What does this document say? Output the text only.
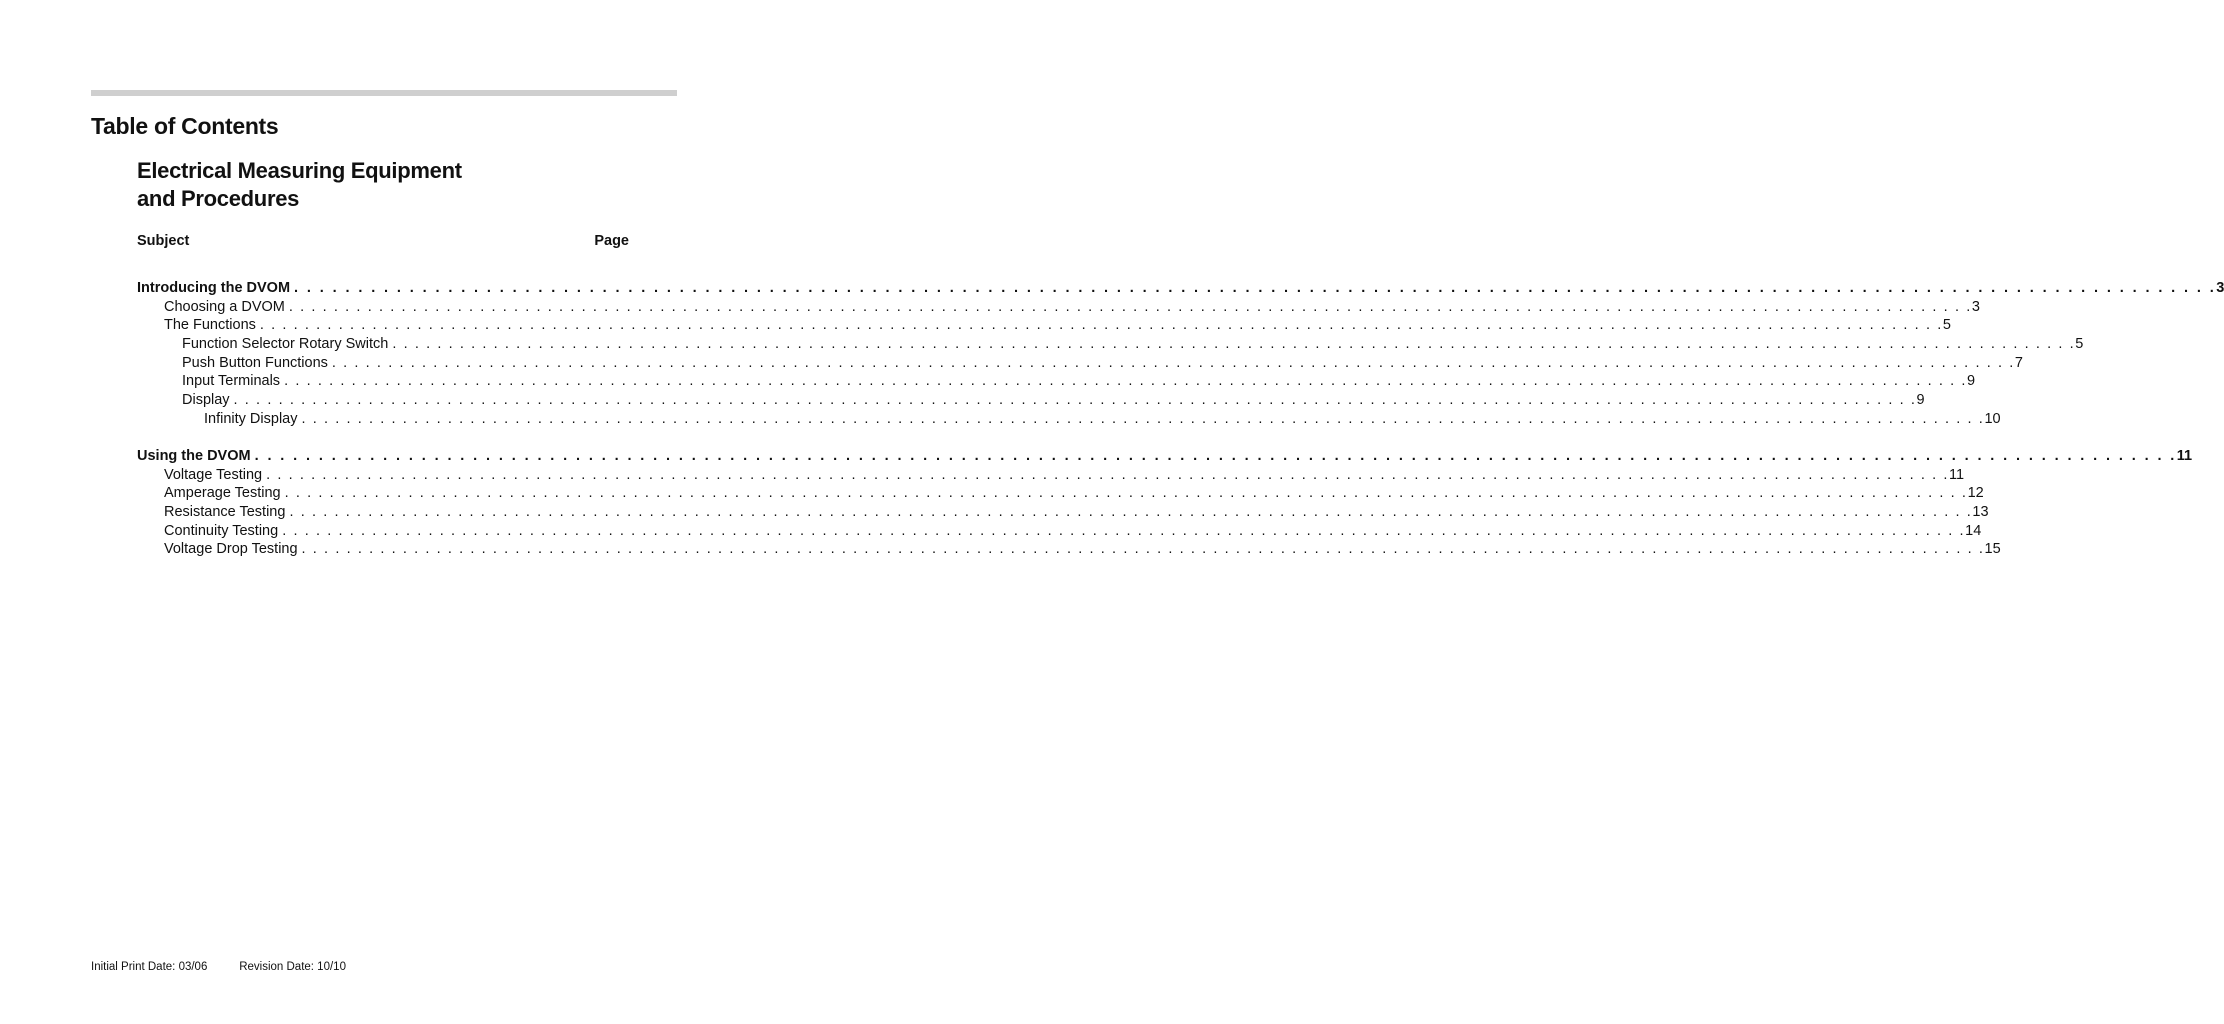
Table of Contents
Electrical Measuring Equipment
and Procedures
Subject	Page
Introducing the DVOM . . . . . . . . . . . . . . . . . . . . . . . . . . . . . . . . . . . . . . . . . . . . . . . . . . . . . . . . . . . . . . . . . . . . . . . . . . . . . . . . . . . . . . . . . . . . . . . . . . . . . . . . . . . . . . . . . . . . . . . . . . . . . . . . . . . . . . . . . . . . . . . . . . . . . . 3
Choosing a DVOM . . . . . . . . . . . . . . . . . . . . . . . . . . . . . . . . . . . . . . . . . . . . . . . . . . . . . . . . . . . . . . . . . . . . . . . . . . . . . . . . . . . . . . . . . . . . . . . . . . . . . . . . . . . . . . . . . . . . . . . . . . . . . . . . . . . . . . . . . . . . . . . . . . . . . . 3
The Functions . . . . . . . . . . . . . . . . . . . . . . . . . . . . . . . . . . . . . . . . . . . . . . . . . . . . . . . . . . . . . . . . . . . . . . . . . . . . . . . . . . . . . . . . . . . . . . . . . . . . . . . . . . . . . . . . . . . . . . . . . . . . . . . . . . . . . . . . . . . . . . . . . . . . . . 5
Function Selector Rotary Switch . . . . . . . . . . . . . . . . . . . . . . . . . . . . . . . . . . . . . . . . . . . . . . . . . . . . . . . . . . . . . . . . . . . . . . . . . . . . . . . . . . . . . . . . . . . . . . . . . . . . . . . . . . . . . . . . . . . . . . . . . . . . . . . . . . . . . . . . . . . . . . . . . . . . . . 5
Push Button Functions . . . . . . . . . . . . . . . . . . . . . . . . . . . . . . . . . . . . . . . . . . . . . . . . . . . . . . . . . . . . . . . . . . . . . . . . . . . . . . . . . . . . . . . . . . . . . . . . . . . . . . . . . . . . . . . . . . . . . . . . . . . . . . . . . . . . . . . . . . . . . . . . . . . . . . 7
Input Terminals . . . . . . . . . . . . . . . . . . . . . . . . . . . . . . . . . . . . . . . . . . . . . . . . . . . . . . . . . . . . . . . . . . . . . . . . . . . . . . . . . . . . . . . . . . . . . . . . . . . . . . . . . . . . . . . . . . . . . . . . . . . . . . . . . . . . . . . . . . . . . . . . . . . . . . 9
Display . . . . . . . . . . . . . . . . . . . . . . . . . . . . . . . . . . . . . . . . . . . . . . . . . . . . . . . . . . . . . . . . . . . . . . . . . . . . . . . . . . . . . . . . . . . . . . . . . . . . . . . . . . . . . . . . . . . . . . . . . . . . . . . . . . . . . . . . . . . . . . . . . . . . . . 9
Infinity Display . . . . . . . . . . . . . . . . . . . . . . . . . . . . . . . . . . . . . . . . . . . . . . . . . . . . . . . . . . . . . . . . . . . . . . . . . . . . . . . . . . . . . . . . . . . . . . . . . . . . . . . . . . . . . . . . . . . . . . . . . . . . . . . . . . . . . . . . . . . . . . . . . . . . . . 10
Using the DVOM . . . . . . . . . . . . . . . . . . . . . . . . . . . . . . . . . . . . . . . . . . . . . . . . . . . . . . . . . . . . . . . . . . . . . . . . . . . . . . . . . . . . . . . . . . . . . . . . . . . . . . . . . . . . . . . . . . . . . . . . . . . . . . . . . . . . . . . . . . . . . . . . . . . . . . 11
Voltage Testing . . . . . . . . . . . . . . . . . . . . . . . . . . . . . . . . . . . . . . . . . . . . . . . . . . . . . . . . . . . . . . . . . . . . . . . . . . . . . . . . . . . . . . . . . . . . . . . . . . . . . . . . . . . . . . . . . . . . . . . . . . . . . . . . . . . . . . . . . . . . . . . . . . . . . . 11
Amperage Testing . . . . . . . . . . . . . . . . . . . . . . . . . . . . . . . . . . . . . . . . . . . . . . . . . . . . . . . . . . . . . . . . . . . . . . . . . . . . . . . . . . . . . . . . . . . . . . . . . . . . . . . . . . . . . . . . . . . . . . . . . . . . . . . . . . . . . . . . . . . . . . . . . . . . . . 12
Resistance Testing . . . . . . . . . . . . . . . . . . . . . . . . . . . . . . . . . . . . . . . . . . . . . . . . . . . . . . . . . . . . . . . . . . . . . . . . . . . . . . . . . . . . . . . . . . . . . . . . . . . . . . . . . . . . . . . . . . . . . . . . . . . . . . . . . . . . . . . . . . . . . . . . . . . . . . 13
Continuity Testing . . . . . . . . . . . . . . . . . . . . . . . . . . . . . . . . . . . . . . . . . . . . . . . . . . . . . . . . . . . . . . . . . . . . . . . . . . . . . . . . . . . . . . . . . . . . . . . . . . . . . . . . . . . . . . . . . . . . . . . . . . . . . . . . . . . . . . . . . . . . . . . . . . . . . . 14
Voltage Drop Testing . . . . . . . . . . . . . . . . . . . . . . . . . . . . . . . . . . . . . . . . . . . . . . . . . . . . . . . . . . . . . . . . . . . . . . . . . . . . . . . . . . . . . . . . . . . . . . . . . . . . . . . . . . . . . . . . . . . . . . . . . . . . . . . . . . . . . . . . . . . . . . . . . . . . . . 15
Initial Print Date: 03/06	Revision Date: 10/10
